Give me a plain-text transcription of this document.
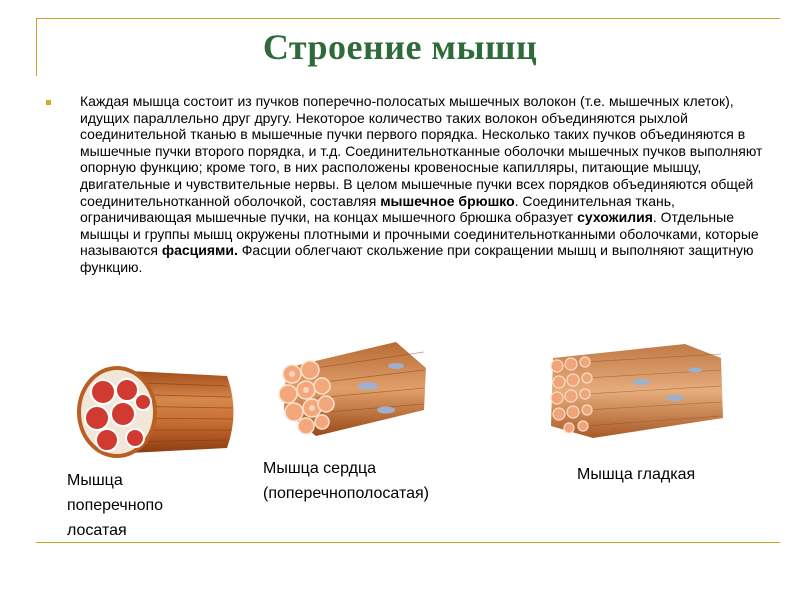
Строение мышц
Каждая мышца состоит из пучков поперечно-полосатых мышечных волокон (т.е. мышечных клеток), идущих параллельно друг другу. Некоторое количество таких волокон объединяются рыхлой соединительной тканью в мышечные пучки первого порядка. Несколько таких пучков объединяются в мышечные пучки второго порядка, и т.д. Соединительнотканные оболочки мышечных пучков выполняют опорную функцию; кроме того, в них расположены кровеносные капилляры, питающие мышцу, двигательные и чувствительные нервы. В целом мышечные пучки всех порядков объединяются общей соединительнотканной оболочкой, составляя мышечное брюшко. Соединительная ткань, ограничивающая мышечные пучки, на концах мышечного брюшка образует сухожилия. Отдельные мышцы и группы мышц окружены плотными и прочными соединительнотканными оболочками, которые называются фасциями. Фасции облегчают скольжение при сокращении мышц и выполняют защитную функцию.
Мышца
поперечнопо
лосатая
Мышца сердца
(поперечнополосатая)
Мышца гладкая
